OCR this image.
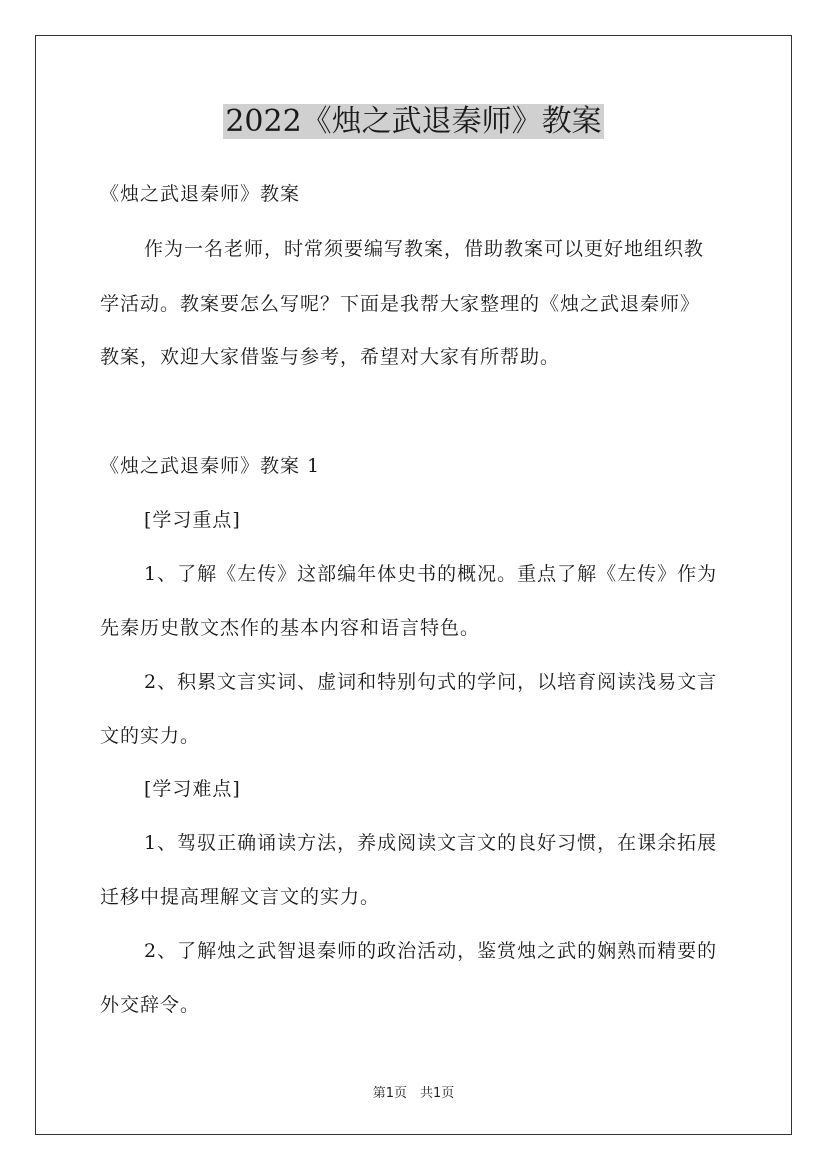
2022《烛之武退秦师》教案

《烛之武退秦师》教案

作为一名老师，时常须要编写教案，借助教案可以更好地组织教

学活动。教案要怎么写呢？下面是我帮大家整理的《烛之武退秦师》

教案，欢迎大家借鉴与参考，希望对大家有所帮助。

《烛之武退秦师》教案 1

[学习重点]

1、了解《左传》这部编年体史书的概况。重点了解《左传》作为

先秦历史散文杰作的基本内容和语言特色。

2、积累文言实词、虚词和特别句式的学问，以培育阅读浅易文言

文的实力。

[学习难点]

1、驾驭正确诵读方法，养成阅读文言文的良好习惯，在课余拓展

迁移中提高理解文言文的实力。

2、了解烛之武智退秦师的政治活动，鉴赏烛之武的娴熟而精要的

外交辞令。

第1页　共1页
